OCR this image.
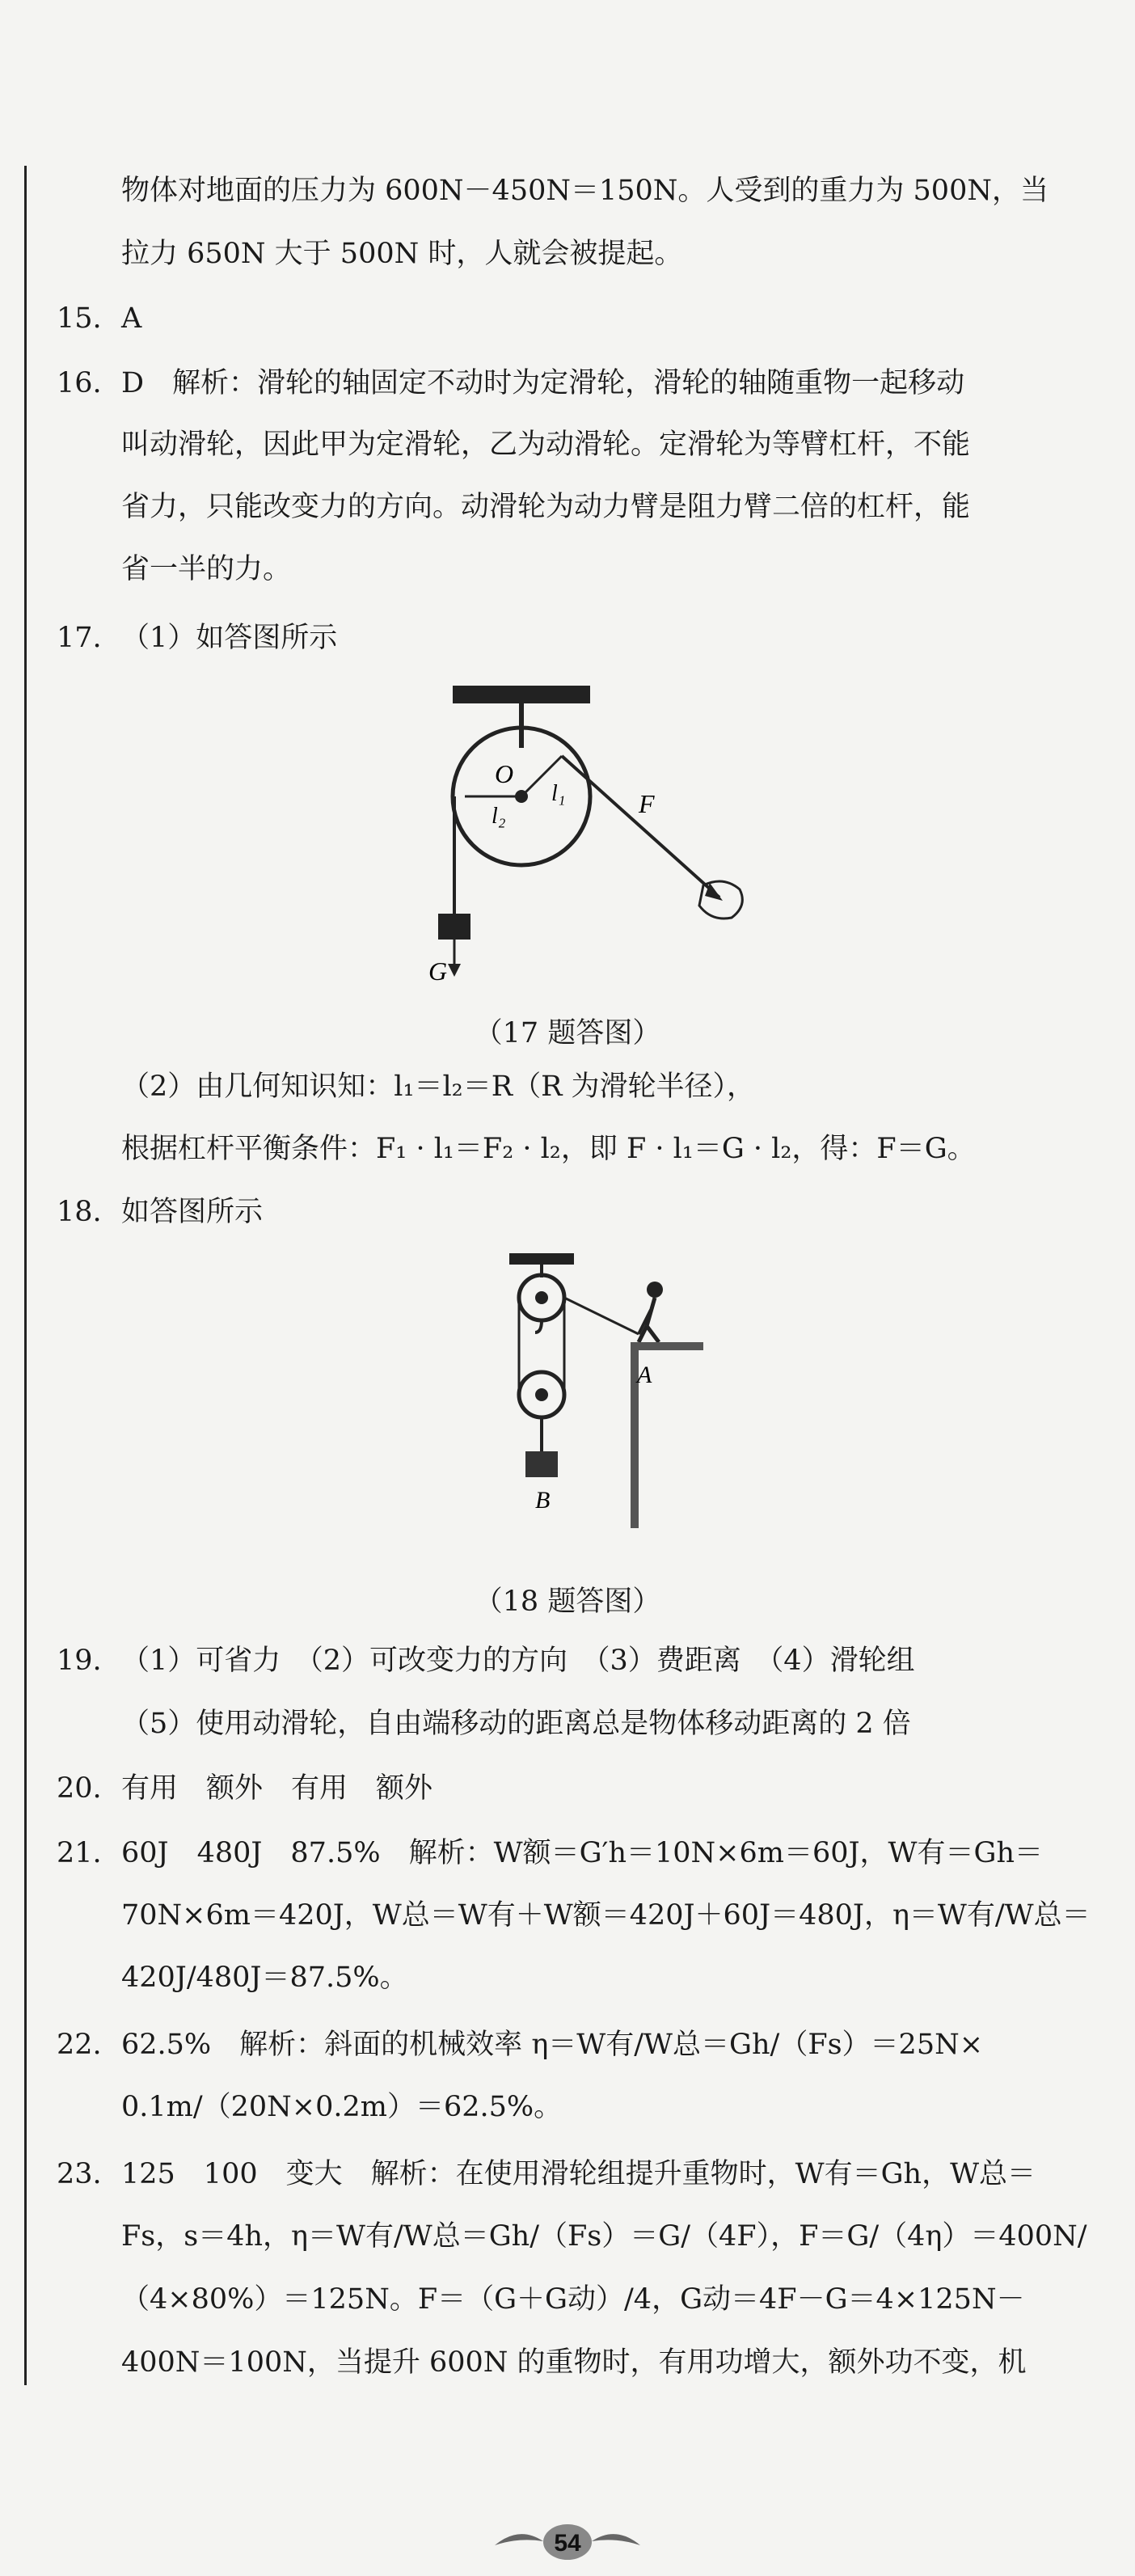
物体对地面的压力为 600N－450N＝150N。人受到的重力为 500N，当
拉力 650N 大于 500N 时，人就会被提起。
15. A
16. D　解析：滑轮的轴固定不动时为定滑轮，滑轮的轴随重物一起移动
叫动滑轮，因此甲为定滑轮，乙为动滑轮。定滑轮为等臂杠杆，不能
省力，只能改变力的方向。动滑轮为动力臂是阻力臂二倍的杠杆，能
省一半的力。
17. （1）如答图所示
O
l₁
l₂	F
G
（17 题答图）
（2）由几何知识知：l₁＝l₂＝R（R 为滑轮半径），
根据杠杆平衡条件：F₁ · l₁＝F₂ · l₂，即 F · l₁＝G · l₂，得：F＝G。
18. 如答图所示
A
B
（18 题答图）
19. （1）可省力　（2）可改变力的方向　（3）费距离　（4）滑轮组
（5）使用动滑轮，自由端移动的距离总是物体移动距离的 2 倍
20. 有用　额外　有用　额外
21. 60J　480J　87.5%　解析：W额＝G′h＝10N×6m＝60J，W有＝Gh＝
70N×6m＝420J，W总＝W有＋W额＝420J＋60J＝480J，η＝W有/W总＝
420J/480J＝87.5%。
22. 62.5%　解析：斜面的机械效率 η＝W有/W总＝Gh/（Fs）＝25N×
0.1m/（20N×0.2m）＝62.5%。
23. 125　100　变大　解析：在使用滑轮组提升重物时，W有＝Gh，W总＝
Fs，s＝4h，η＝W有/W总＝Gh/（Fs）＝G/（4F），F＝G/（4η）＝400N/
（4×80%）＝125N。F＝（G＋G动）/4，G动＝4F－G＝4×125N－
400N＝100N，当提升 600N 的重物时，有用功增大，额外功不变，机
54
